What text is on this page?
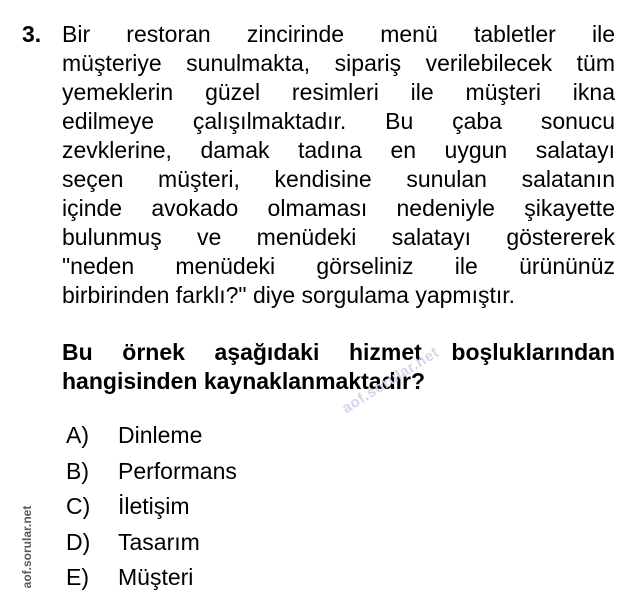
3. Bir restoran zincirinde menü tabletler ile
müşteriye sunulmakta, sipariş verilebilecek tüm
yemeklerin güzel resimleri ile müşteri ikna
edilmeye çalışılmaktadır. Bu çaba sonucu
zevklerine, damak tadına en uygun salatayı
seçen müşteri, kendisine sunulan salatanın
içinde avokado olmaması nedeniyle şikayette
bulunmuş ve menüdeki salatayı göstererek
"neden menüdeki görseliniz ile ürününüz
birbirinden farklı?" diye sorgulama yapmıştır.
Bu örnek aşağıdaki hizmet boşluklarından
hangisinden kaynaklanmaktadır?
aof.sorular.net
A)	Dinleme
B)	Performans
C)	İletişim
D)	Tasarım
E)	Müşteri
aof.sorular.net
